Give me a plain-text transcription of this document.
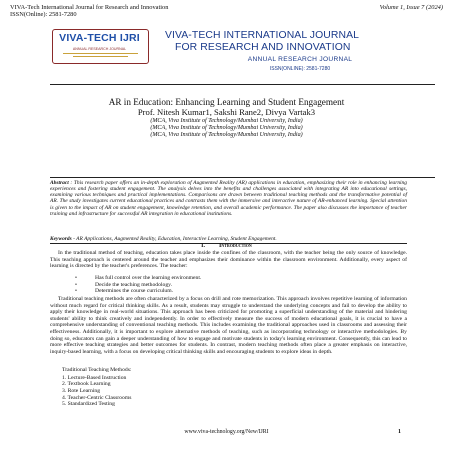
VIVA-Tech International Journal for Research and Innovation
ISSN(Online): 2581-7280
Volume 1, Issue 7 (2024)
VIVA-TECH IJRI
ANNUAL RESEARCH JOURNAL
VIVA-TECH INTERNATIONAL JOURNAL
FOR RESEARCH AND INNOVATION
ANNUAL RESEARCH JOURNAL
ISSN(ONLINE): 2581-7280
AR in Education: Enhancing Learning and Student Engagement
Prof. Nitesh Kumar1, Sakshi Rane2, Divya Vartak3
(MCA, Viva Institute of Technology/Mumbai University, India)
(MCA, Viva Institute of Technology/Mumbai University, India)
(MCA, Viva Institute of Technology/Mumbai University, India)
Abstract : This research paper offers an in-depth exploration of Augmented Reality (AR) applications in education, emphasizing their role in enhancing learning experiences and fostering student engagement. The analysis delves into the benefits and challenges associated with integrating AR into educational settings, examining various techniques and practical implementations. Comparisons are drawn between traditional teaching methods and the transformative potential of AR. The study investigates current educational practices and contrasts them with the immersive and interactive nature of AR-enhanced learning. Special attention is given to the impact of AR on student engagement, knowledge retention, and overall academic performance. The paper also discusses the importance of teacher training and infrastructure for successful AR integration in educational institutions.
Keywords - AR Applications, Augmented Reality, Education, Interactive Learning, Student Engagement.
I. Introduction
In the traditional method of teaching, education takes place inside the confines of the classroom, with the teacher being the only source of knowledge. This teaching approach is centered around the teacher and emphasizes their dominance within the classroom environment. Additionally, every aspect of learning is directed by the teacher's preferences. The teacher:
•	Has full control over the learning environment.
•	Decide the teaching methodology.
•	Determines the course curriculum.
Traditional teaching methods are often characterized by a focus on drill and rote memorization. This approach involves repetitive learning of information without much regard for critical thinking skills. As a result, students may struggle to understand the underlying concepts and fail to develop the ability to apply their knowledge in real-world situations. This approach has been criticized for promoting a superficial understanding of the material and hindering students' ability to think creatively and independently. In order to effectively measure the success of modern educational goals, it is crucial to have a comprehensive understanding of conventional teaching methods. This includes examining the traditional approaches used in classrooms and assessing their effectiveness. Additionally, it is important to explore alternative methods of teaching, such as incorporating technology or interactive methodologies. By doing so, educators can gain a deeper understanding of how to engage and motivate students in today's learning environment. Consequently, this can lead to more effective teaching strategies and better outcomes for students. In contrast, modern teaching methods often place a greater emphasis on interactive, inquiry-based learning, with a focus on developing critical thinking skills and encouraging students to explore ideas in depth.
Traditional Teaching Methods:
1. Lecture-Based Instruction
2. Textbook Learning
3. Rote Learning
4. Teacher-Centric Classrooms
5. Standardized Testing
www.viva-technology.org/New/IJRI	1
